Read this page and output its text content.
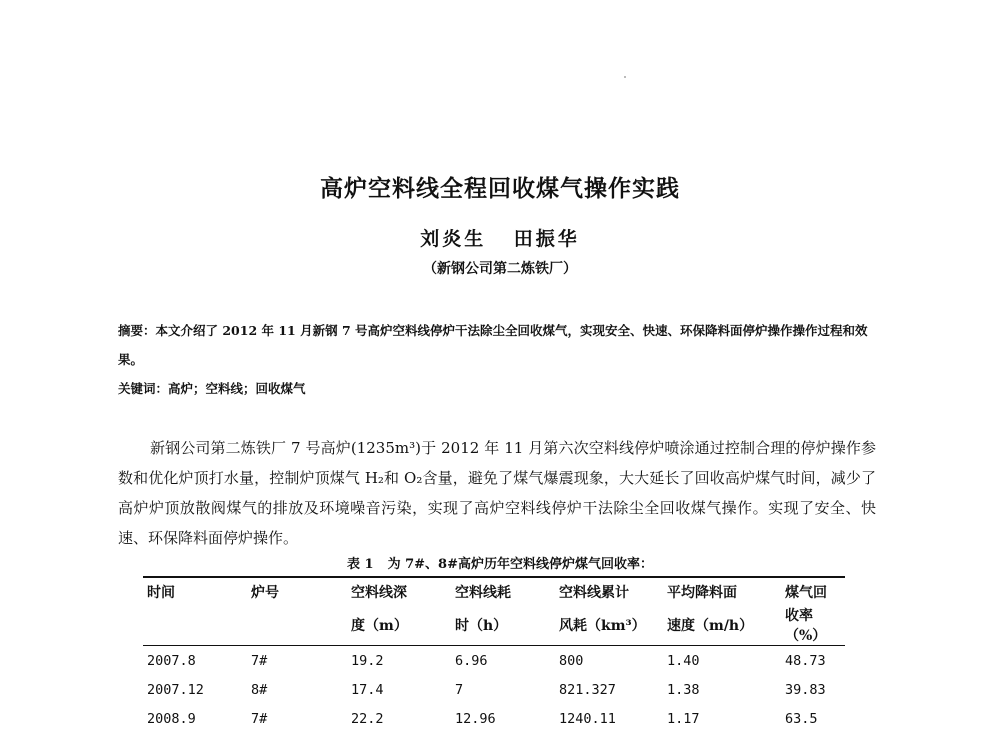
高炉空料线全程回收煤气操作实践
刘炎生 田振华
（新钢公司第二炼铁厂）
摘要：本文介绍了 2012 年 11 月新钢 7 号高炉空料线停炉干法除尘全回收煤气，实现安全、快速、环保降料面停炉操作操作过程和效果。
关键词：高炉；空料线；回收煤气
新钢公司第二炼铁厂 7 号高炉(1235m³)于 2012 年 11 月第六次空料线停炉喷涂通过控制合理的停炉操作参数和优化炉顶打水量，控制炉顶煤气 H₂和 O₂含量，避免了煤气爆震现象，大大延长了回收高炉煤气时间，减少了高炉炉顶放散阀煤气的排放及环境噪音污染，实现了高炉空料线停炉干法除尘全回收煤气操作。实现了安全、快速、环保降料面停炉操作。
表 1 为 7#、8#高炉历年空料线停炉煤气回收率：
时间	炉号	空料线深	空料线耗	空料线累计	平均降料面	煤气回
		度（m）	时（h）	风耗（km³）	速度（m/h）	收率（%）
2007.8	7#	19.2	6.96	800	1.40	48.73
2007.12	8#	17.4	7	821.327	1.38	39.83
2008.9	7#	22.2	12.96	1240.11	1.17	63.5
